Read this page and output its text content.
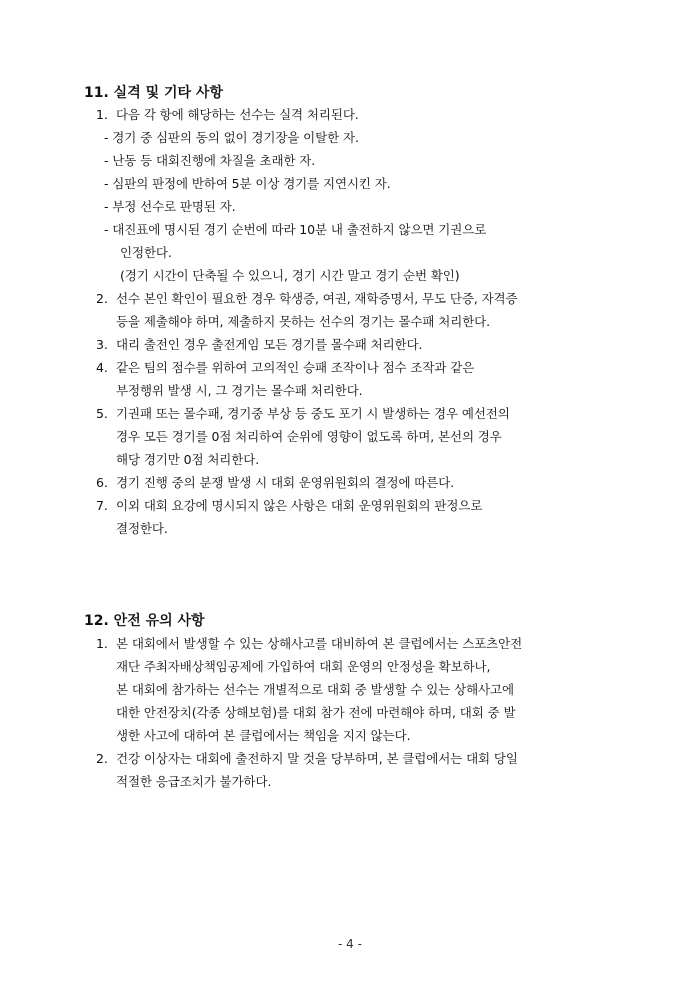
11. 실격 및 기타 사항
1. 다음 각 항에 해당하는 선수는 실격 처리된다.
- 경기 중 심판의 동의 없이 경기장을 이탈한 자.
- 난동 등 대회진행에 차질을 초래한 자.
- 심판의 판정에 반하여 5분 이상 경기를 지연시킨 자.
- 부정 선수로 판명된 자.
- 대진표에 명시된 경기 순번에 따라 10분 내 출전하지 않으면 기권으로
인정한다.
(경기 시간이 단축될 수 있으니, 경기 시간 말고 경기 순번 확인)
2. 선수 본인 확인이 필요한 경우 학생증, 여권, 재학증명서, 무도 단증, 자격증
등을 제출해야 하며, 제출하지 못하는 선수의 경기는 몰수패 처리한다.
3. 대리 출전인 경우 출전게임 모든 경기를 몰수패 처리한다.
4. 같은 팀의 점수를 위하여 고의적인 승패 조작이나 점수 조작과 같은
부정행위 발생 시, 그 경기는 몰수패 처리한다.
5. 기권패 또는 몰수패, 경기중 부상 등 중도 포기 시 발생하는 경우 예선전의
경우 모든 경기를 0점 처리하여 순위에 영향이 없도록 하며, 본선의 경우
해당 경기만 0점 처리한다.
6. 경기 진행 중의 분쟁 발생 시 대회 운영위원회의 결정에 따른다.
7. 이외 대회 요강에 명시되지 않은 사항은 대회 운영위원회의 판정으로
결정한다.
12. 안전 유의 사항
1. 본 대회에서 발생할 수 있는 상해사고를 대비하여 본 클럽에서는 스포츠안전
재단 주최자배상책임공제에 가입하여 대회 운영의 안정성을 확보하나,
본 대회에 참가하는 선수는 개별적으로 대회 중 발생할 수 있는 상해사고에
대한 안전장치(각종 상해보험)를 대회 참가 전에 마련해야 하며, 대회 중 발
생한 사고에 대하여 본 클럽에서는 책임을 지지 않는다.
2. 건강 이상자는 대회에 출전하지 말 것을 당부하며, 본 클럽에서는 대회 당일
적절한 응급조치가 불가하다.
- 4 -
